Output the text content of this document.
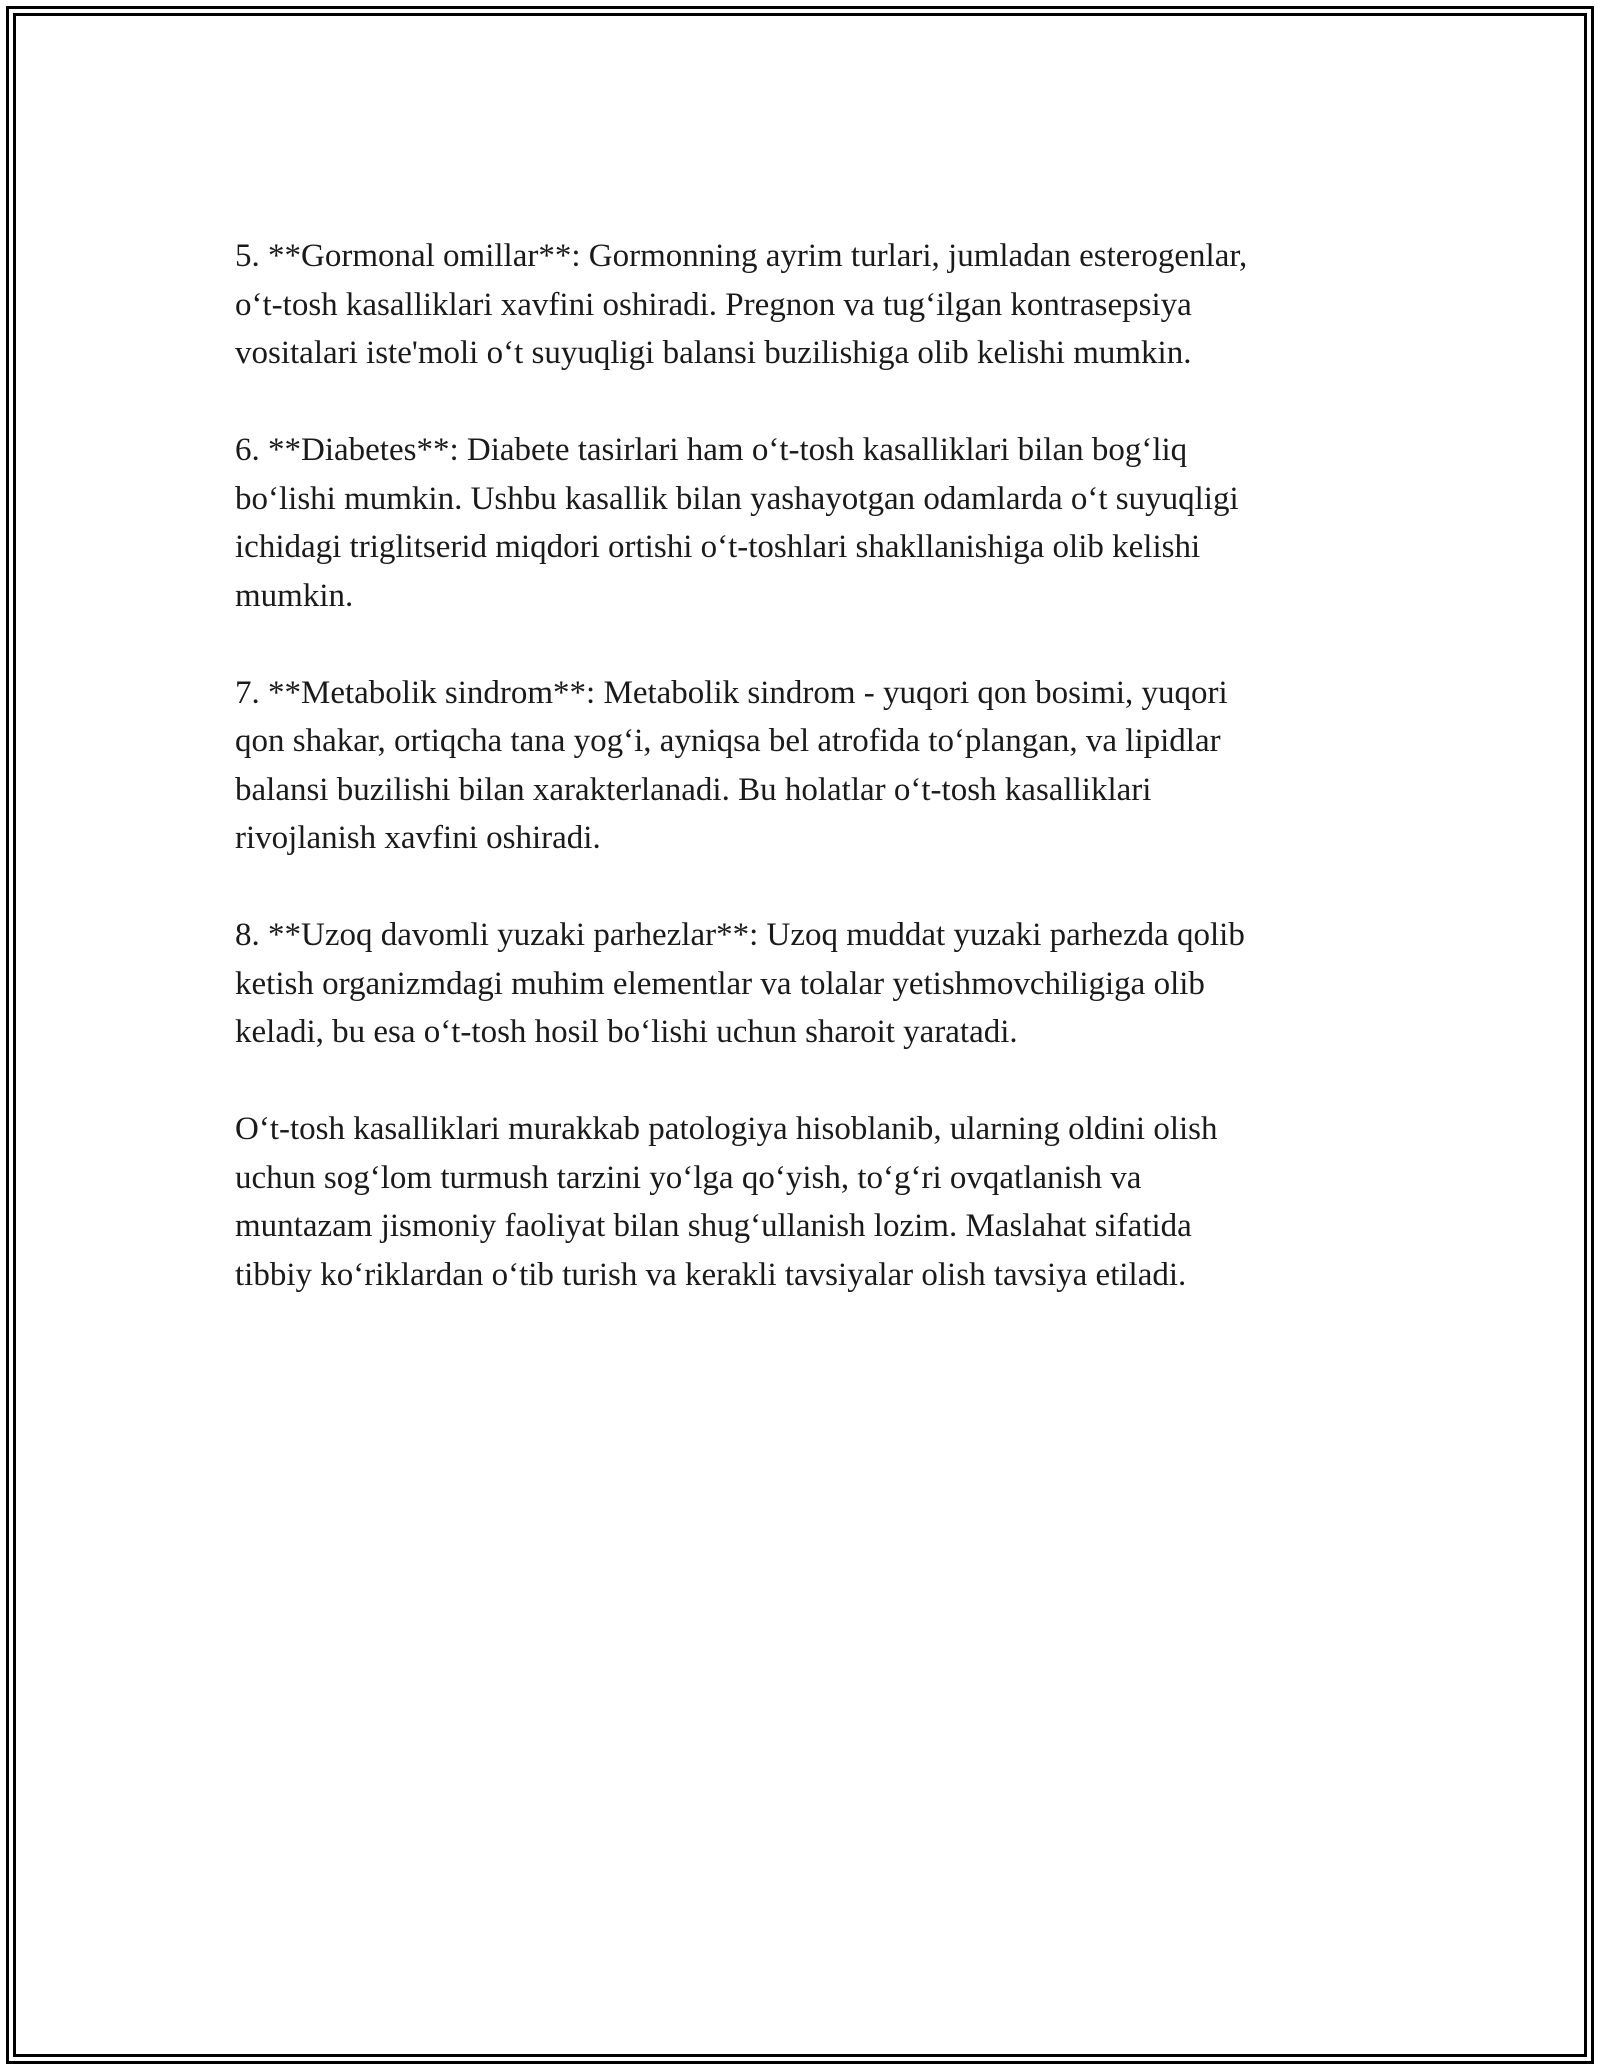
5. **Gormonal omillar**: Gormonning ayrim turlari, jumladan esterogenlar,
o‘t-tosh kasalliklari xavfini oshiradi. Pregnon va tug‘ilgan kontrasepsiya
vositalari iste'moli o‘t suyuqligi balansi buzilishiga olib kelishi mumkin.

6. **Diabetes**: Diabete tasirlari ham o‘t-tosh kasalliklari bilan bog‘liq
bo‘lishi mumkin. Ushbu kasallik bilan yashayotgan odamlarda o‘t suyuqligi
ichidagi triglitserid miqdori ortishi o‘t-toshlari shakllanishiga olib kelishi
mumkin.

7. **Metabolik sindrom**: Metabolik sindrom - yuqori qon bosimi, yuqori
qon shakar, ortiqcha tana yog‘i, ayniqsa bel atrofida to‘plangan, va lipidlar
balansi buzilishi bilan xarakterlanadi. Bu holatlar o‘t-tosh kasalliklari
rivojlanish xavfini oshiradi.

8. **Uzoq davomli yuzaki parhezlar**: Uzoq muddat yuzaki parhezda qolib
ketish organizmdagi muhim elementlar va tolalar yetishmovchiligiga olib
keladi, bu esa o‘t-tosh hosil bo‘lishi uchun sharoit yaratadi.

O‘t-tosh kasalliklari murakkab patologiya hisoblanib, ularning oldini olish
uchun sog‘lom turmush tarzini yo‘lga qo‘yish, to‘g‘ri ovqatlanish va
muntazam jismoniy faoliyat bilan shug‘ullanish lozim. Maslahat sifatida
tibbiy ko‘riklardan o‘tib turish va kerakli tavsiyalar olish tavsiya etiladi.
